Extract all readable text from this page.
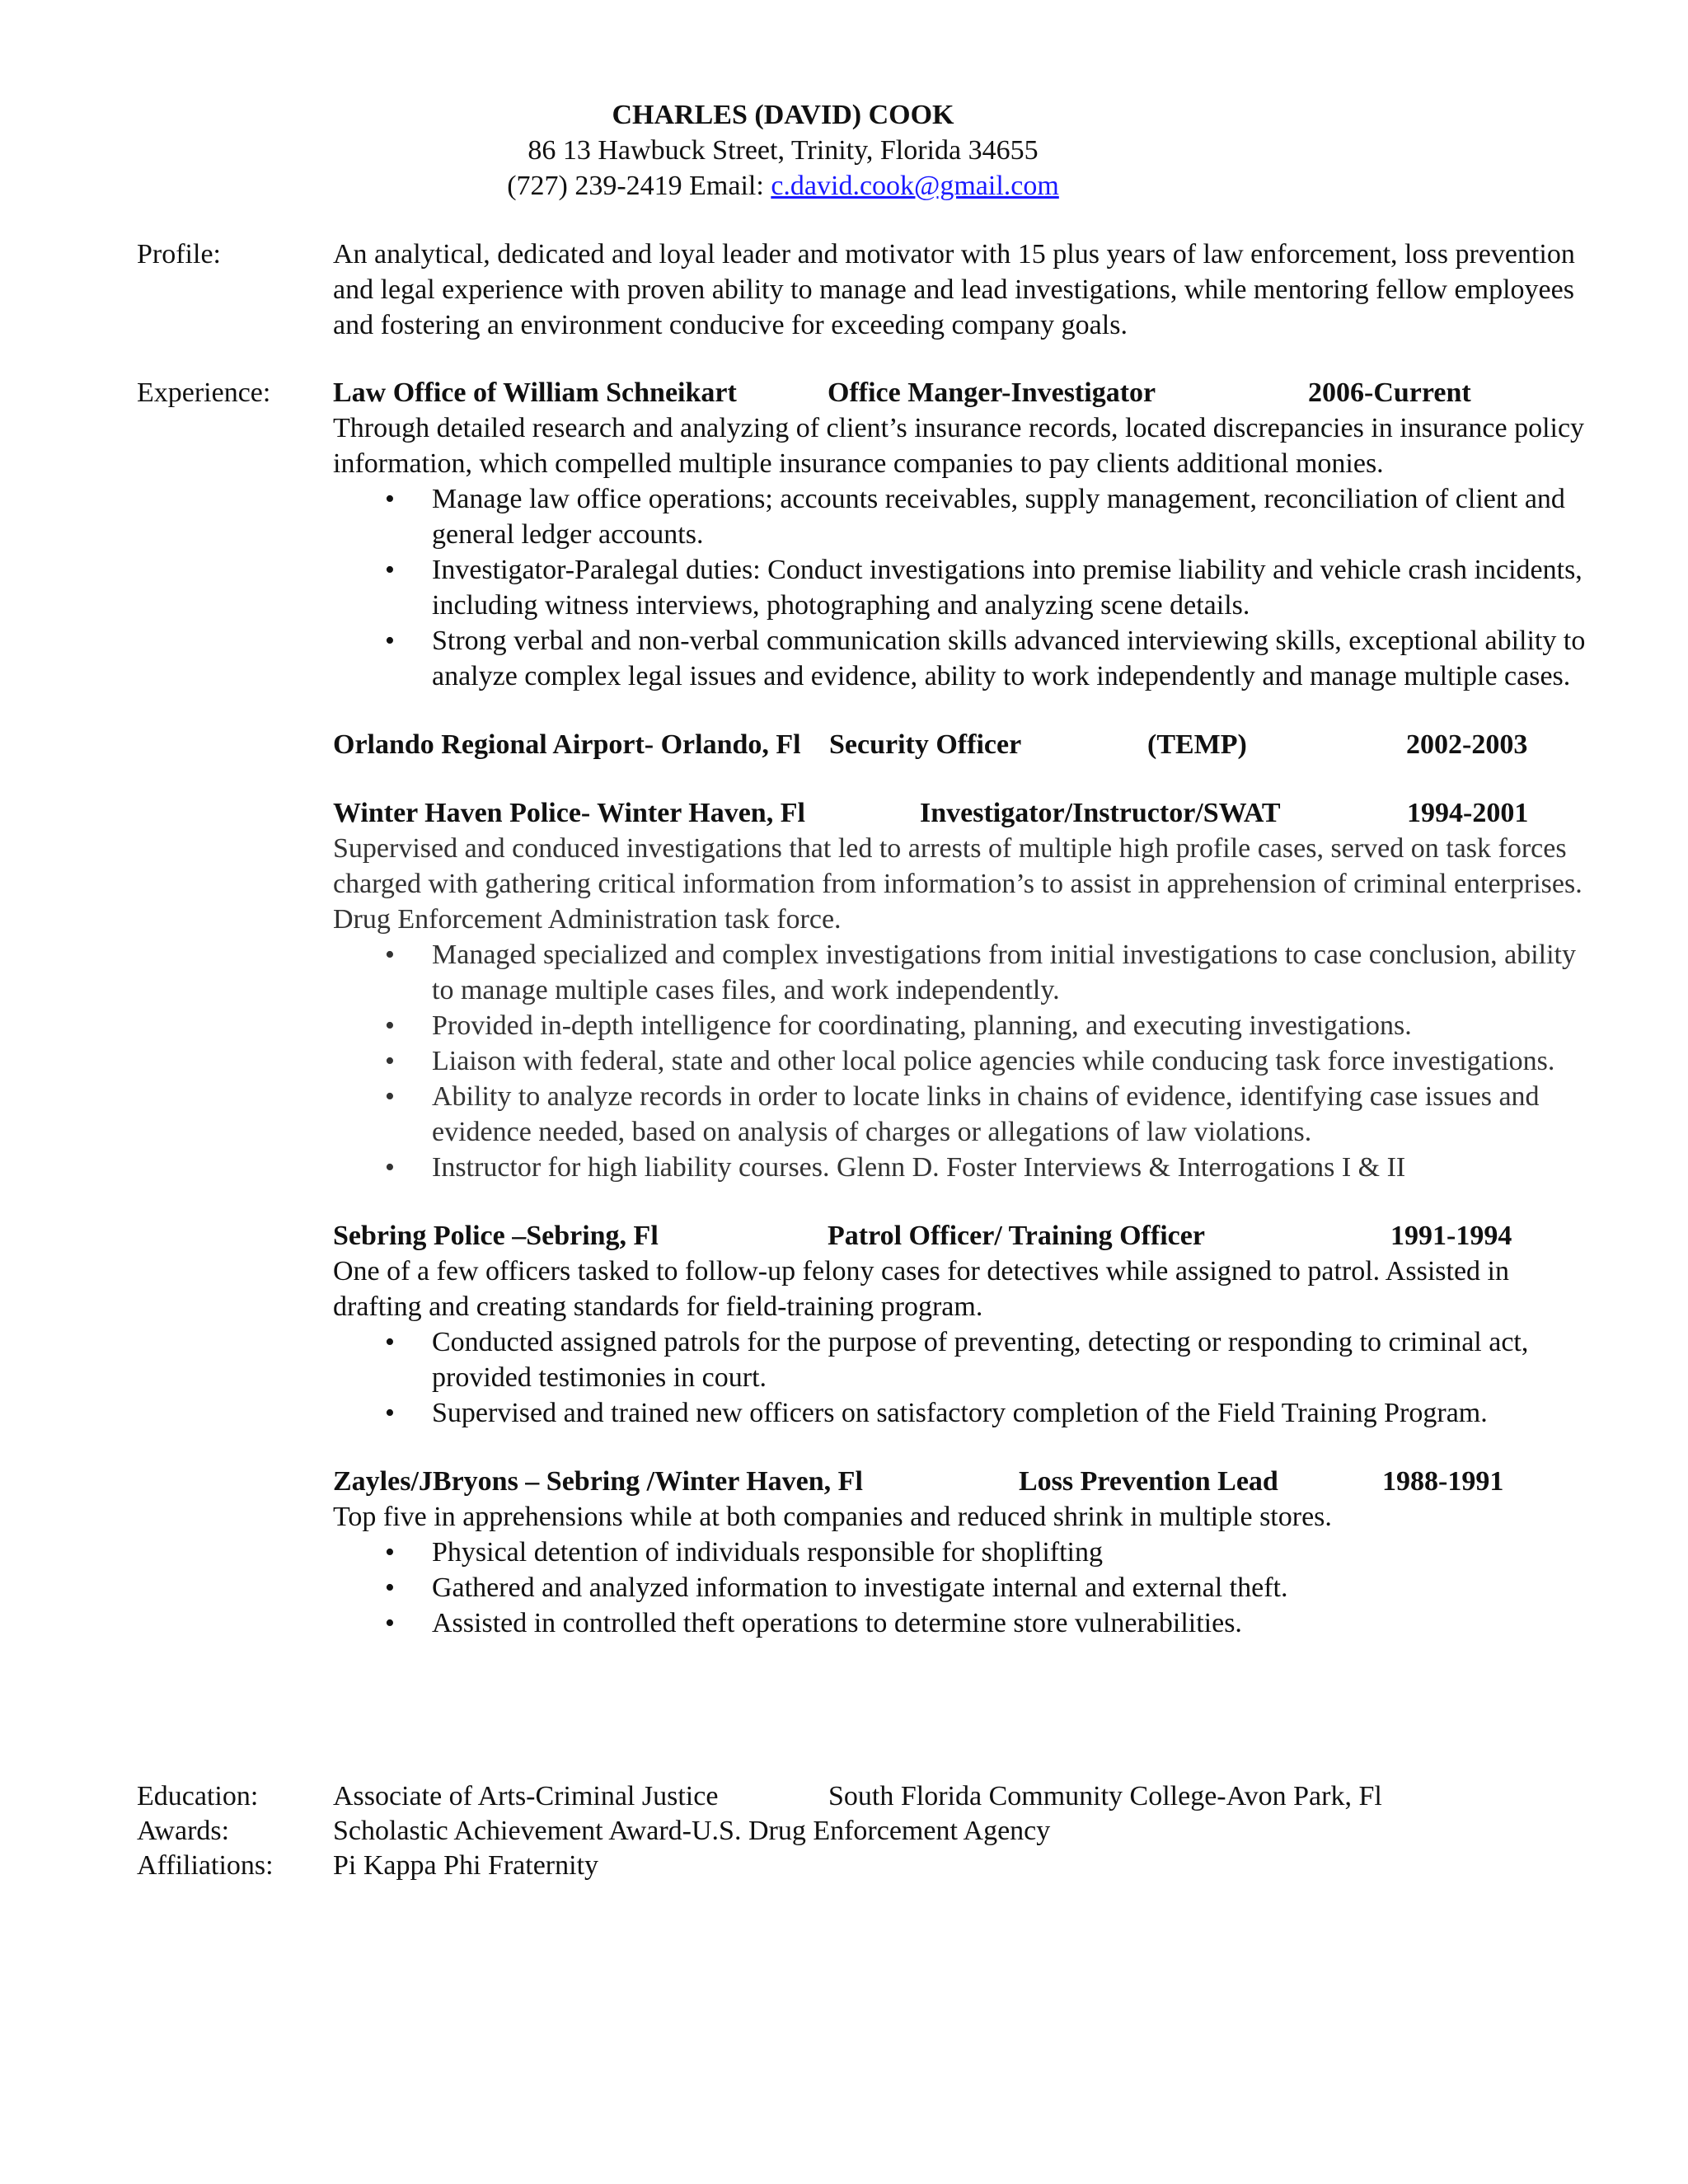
CHARLES (DAVID) COOK
86 13 Hawbuck Street, Trinity, Florida 34655
(727) 239-2419 Email: c.david.cook@gmail.com
Profile:	An analytical, dedicated and loyal leader and motivator with 15 plus years of law enforcement, loss prevention and legal experience with proven ability to manage and lead investigations, while mentoring fellow employees and fostering an environment conducive for exceeding company goals.
Experience:	Law Office of William Schneikart	Office Manger-Investigator	2006-Current
Through detailed research and analyzing of client’s insurance records, located discrepancies in insurance policy information, which compelled multiple insurance companies to pay clients additional monies.
• Manage law office operations; accounts receivables, supply management, reconciliation of client and general ledger accounts.
• Investigator-Paralegal duties: Conduct investigations into premise liability and vehicle crash incidents, including witness interviews, photographing and analyzing scene details.
• Strong verbal and non-verbal communication skills advanced interviewing skills, exceptional ability to analyze complex legal issues and evidence, ability to work independently and manage multiple cases.
Orlando Regional Airport- Orlando, Fl Security Officer	(TEMP)	2002-2003
Winter Haven Police- Winter Haven, Fl	Investigator/Instructor/SWAT	1994-2001
Supervised and conduced investigations that led to arrests of multiple high profile cases, served on task forces charged with gathering critical information from information’s to assist in apprehension of criminal enterprises. Drug Enforcement Administration task force.
• Managed specialized and complex investigations from initial investigations to case conclusion, ability to manage multiple cases files, and work independently.
• Provided in-depth intelligence for coordinating, planning, and executing investigations.
• Liaison with federal, state and other local police agencies while conducing task force investigations.
• Ability to analyze records in order to locate links in chains of evidence, identifying case issues and evidence needed, based on analysis of charges or allegations of law violations.
• Instructor for high liability courses. Glenn D. Foster Interviews & Interrogations I & II
Sebring Police –Sebring, Fl	Patrol Officer/ Training Officer	1991-1994
One of a few officers tasked to follow-up felony cases for detectives while assigned to patrol. Assisted in drafting and creating standards for field-training program.
• Conducted assigned patrols for the purpose of preventing, detecting or responding to criminal act, provided testimonies in court.
• Supervised and trained new officers on satisfactory completion of the Field Training Program.
Zayles/JBryons – Sebring /Winter Haven, Fl	Loss Prevention Lead	1988-1991
Top five in apprehensions while at both companies and reduced shrink in multiple stores.
• Physical detention of individuals responsible for shoplifting
• Gathered and analyzed information to investigate internal and external theft.
• Assisted in controlled theft operations to determine store vulnerabilities.
Education:	Associate of Arts-Criminal Justice	South Florida Community College-Avon Park, Fl
Awards:	Scholastic Achievement Award-U.S. Drug Enforcement Agency
Affiliations:	Pi Kappa Phi Fraternity
